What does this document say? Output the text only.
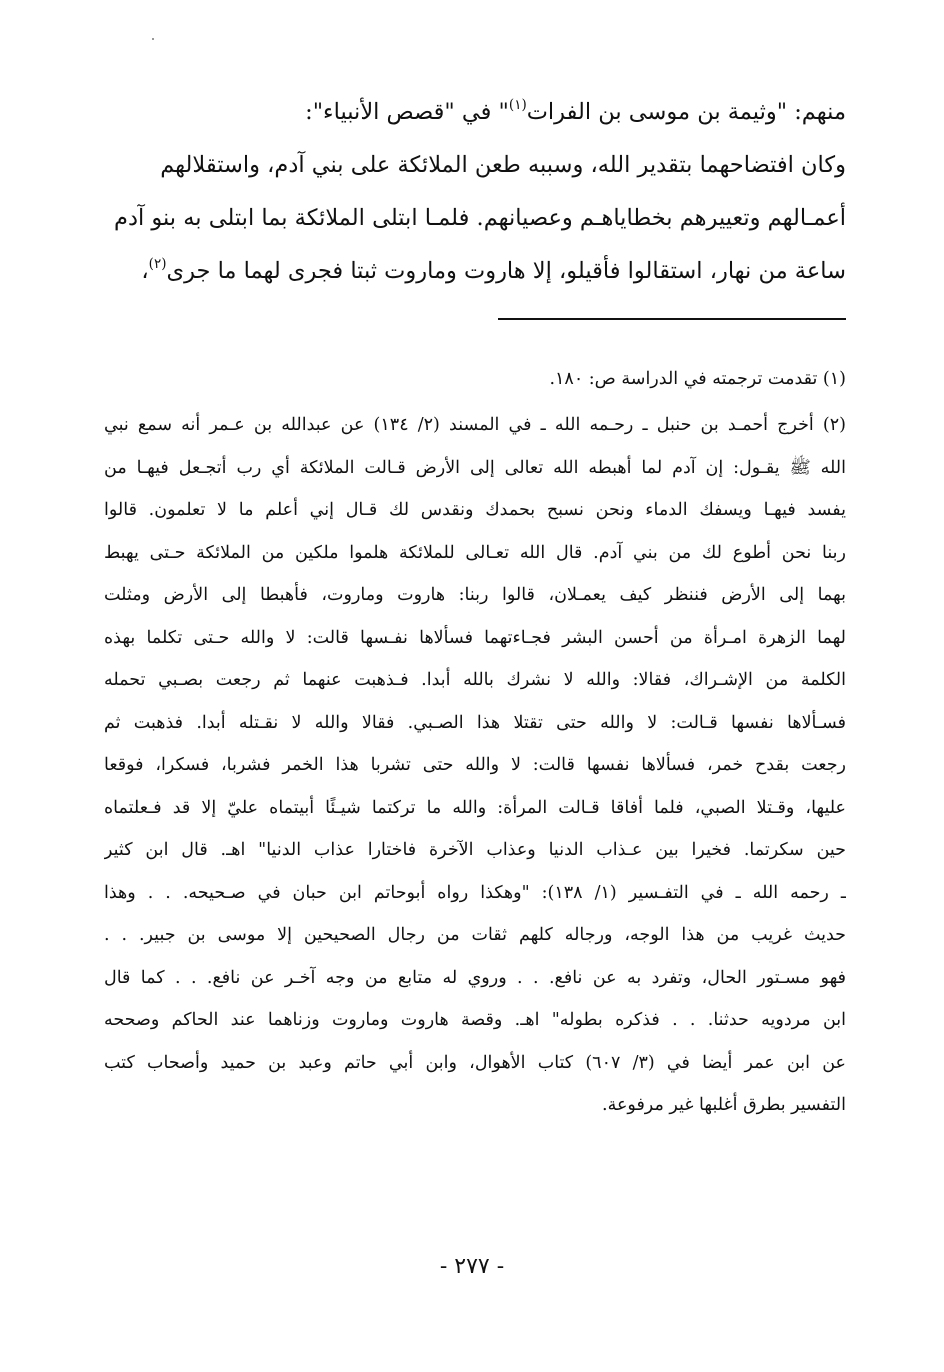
منهم: "وثيمة بن موسى بن الفرات$^{(١)}$" في "قصص الأنبياء":
وكان افتضاحهما بتقدير الله، وسببه طعن الملائكة على بني آدم، واستقلالهم
أعمـالهم وتعييرهم بخطاياهـم وعصيانهم. فلمـا ابتلى الملائكة بما ابتلى به بنو آدم
ساعة من نهار، استقالوا فأقيلو، إلا هاروت وماروت ثبتا فجرى لهما ما جرى$^{(٢)}$،
(١) تقدمت ترجمته في الدراسة ص: ١٨٠.
(٢) أخرج أحمـد بن حنبل ـ رحـمه الله ـ في المسند (٢/ ١٣٤) عن عبدالله بن عـمر أنه سمع نبي
الله ﷺ يقـول: إن آدم لما أهبطه الله تعالى إلى الأرض قـالت الملائكة أي رب أتجـعل فيهـا من
يفسد فيهـا ويسفك الدماء ونحن نسبح بحمدك ونقدس لك قـال إني أعلم ما لا تعلمون. قالوا
ربنا نحن أطوع لك من بني آدم. قال الله تعـالى للملائكة هلموا ملكين من الملائكة حـتى يهبط
بهما إلى الأرض فننظر كيف يعمـلان، قالوا ربنا: هاروت وماروت، فأهبطا إلى الأرض ومثلت
لهما الزهرة امـرأة من أحسن البشر فجـاءتهما فسألاها نفـسها قالت: لا والله حـتى تكلما بهذه
الكلمة من الإشـراك، فقالا: والله لا نشرك بالله أبدا. فـذهبت عنهما ثم رجعت بصـبي تحمله
فسـألاها نفسها قـالت: لا والله حتى تقتلا هذا الصـبي. فقالا والله لا نقـتله أبدا. فذهبت ثم
رجعت بقدح خمر، فسألاها نفسها قالت: لا والله حتى تشربا هذا الخمر فشربا، فسكرا، فوقعا
عليها، وقـتلا الصبي، فلما أفاقا قـالت المرأة: والله ما تركتما شيـئًا أبيتماه عليّ إلا قد فـعلتماه
حين سكرتما. فخيرا بين عـذاب الدنيا وعذاب الآخرة فاختارا عذاب الدنيا" اهـ. قال ابن كثير
ـ رحمه الله ـ في التفـسير (١/ ١٣٨): "وهكذا رواه أبوحاتم ابن حبان في صـحيحه. . . وهذا
حديث غريب من هذا الوجه، ورجاله كلهم ثقات من رجال الصحيحين إلا موسى بن جبير. . .
فهو مسـتور الحال، وتفرد به عن نافع. . . وروي له متابع من وجه آخـر عن نافع. . . كما قال
ابن مردويه حدثنا. . . فذكره بطوله" اهـ. وقصة هاروت وماروت وزناهما عند الحاكم وصححه
عن ابن عمر أيضا في (٣/ ٦٠٧) كتاب الأهوال، وابن أبي حاتم وعبد بن حميد وأصحاب كتب
التفسير بطرق أغلبها غير مرفوعة.
- ٢٧٧ -
